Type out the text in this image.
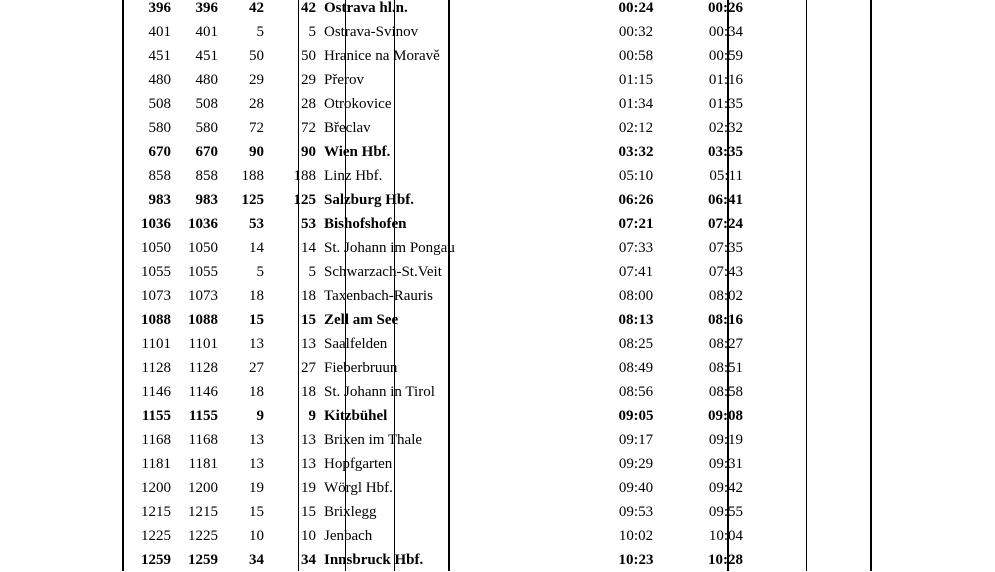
396	396	42	42	Ostrava hl.n.	00:24	00:26
401	401	5	5	Ostrava-Svinov	00:32	00:34
451	451	50	50	Hranice na Moravě	00:58	00:59
480	480	29	29	Přerov	01:15	01:16
508	508	28	28	Otrokovice	01:34	01:35
580	580	72	72	Břeclav	02:12	02:32
670	670	90	90	Wien Hbf.	03:32	03:35
858	858	188	188	Linz Hbf.	05:10	05:11
983	983	125	125	Salzburg Hbf.	06:26	06:41
1036	1036	53	53	Bishofshofen	07:21	07:24
1050	1050	14	14	St. Johann im Pongau	07:33	07:35
1055	1055	5	5	Schwarzach-St.Veit	07:41	07:43
1073	1073	18	18	Taxenbach-Rauris	08:00	08:02
1088	1088	15	15	Zell am See	08:13	08:16
1101	1101	13	13	Saalfelden	08:25	08:27
1128	1128	27	27	Fieberbruun	08:49	08:51
1146	1146	18	18	St. Johann in Tirol	08:56	08:58
1155	1155	9	9	Kitzbühel	09:05	09:08
1168	1168	13	13	Brixen im Thale	09:17	09:19
1181	1181	13	13	Hopfgarten	09:29	09:31
1200	1200	19	19	Wörgl Hbf.	09:40	09:42
1215	1215	15	15	Brixlegg	09:53	09:55
1225	1225	10	10	Jenbach	10:02	10:04
1259	1259	34	34	Innsbruck Hbf.	10:23	10:28
